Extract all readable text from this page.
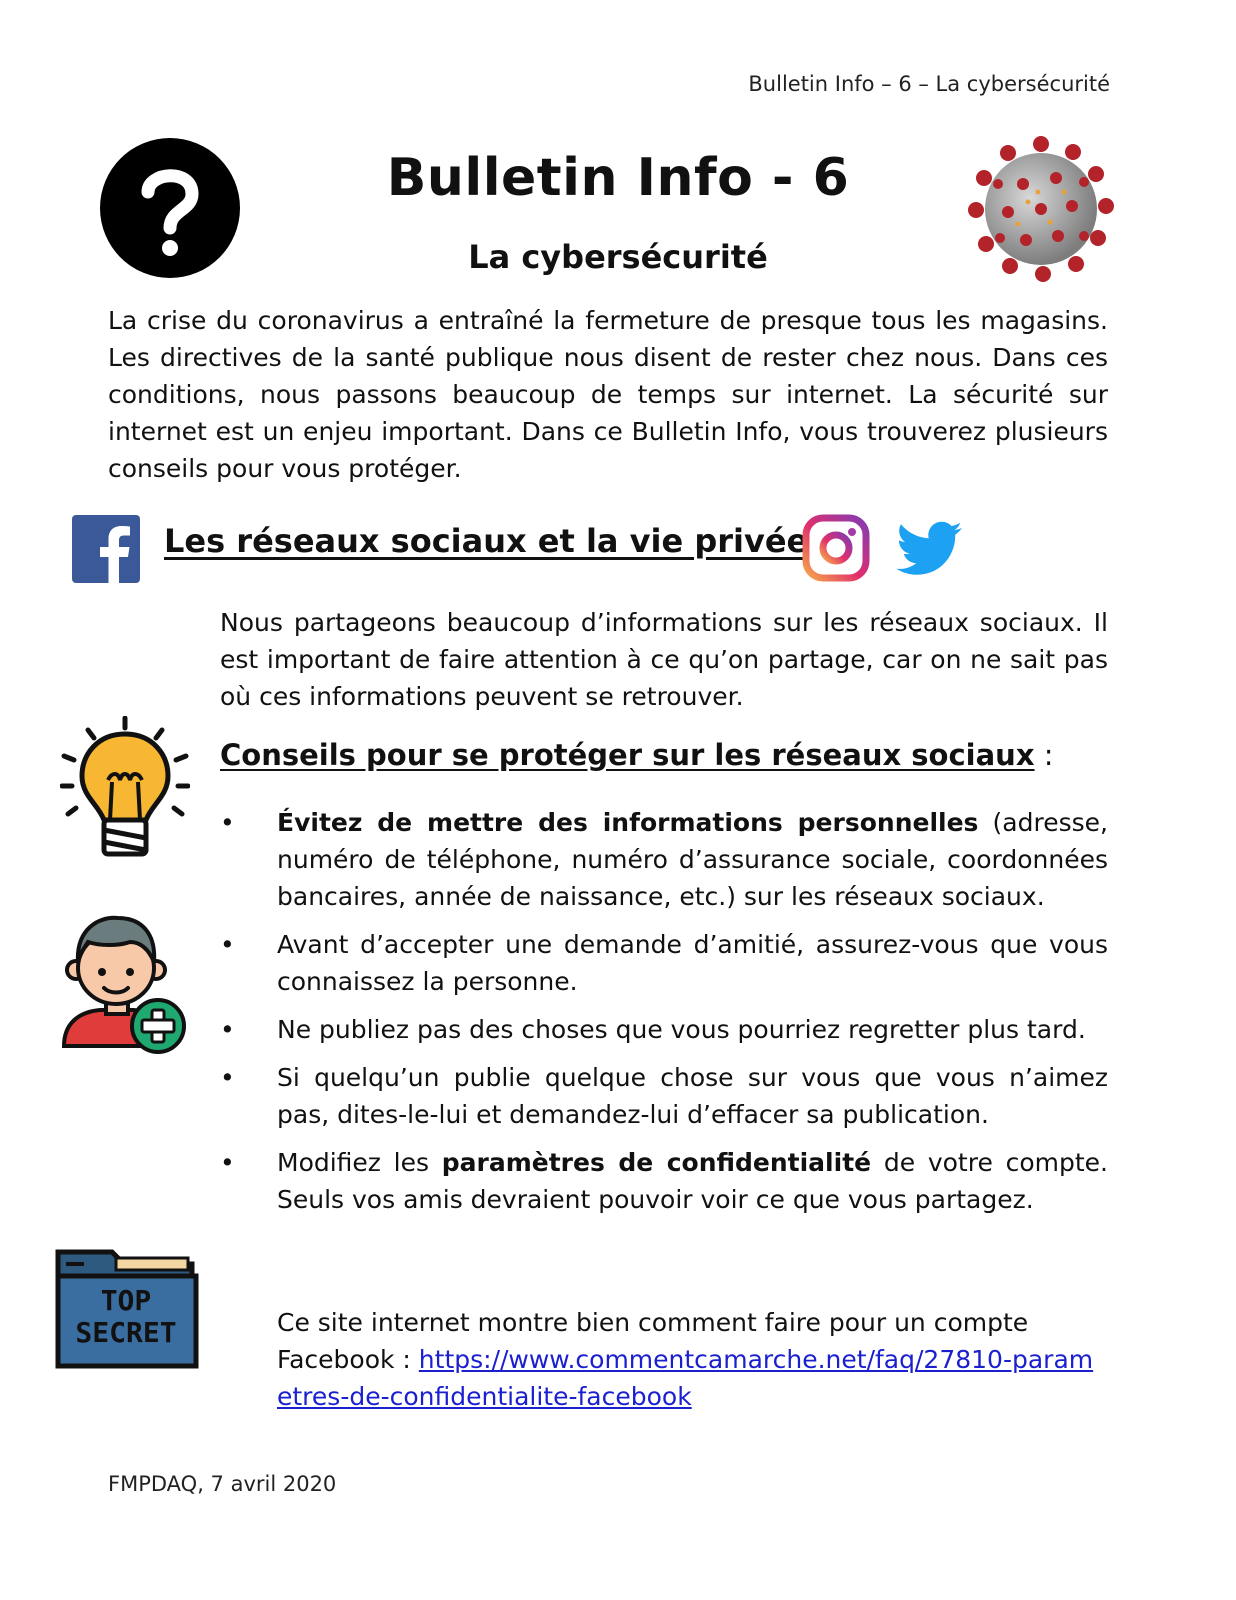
Bulletin Info – 6 – La cybersécurité
Bulletin Info - 6
La cybersécurité
La crise du coronavirus a entraîné la fermeture de presque tous les magasins. Les directives de la santé publique nous disent de rester chez nous. Dans ces conditions, nous passons beaucoup de temps sur internet. La sécurité sur internet est un enjeu important. Dans ce Bulletin Info, vous trouverez plusieurs conseils pour vous protéger.
Les réseaux sociaux et la vie privée
Nous partageons beaucoup d’informations sur les réseaux sociaux. Il est important de faire attention à ce qu’on partage, car on ne sait pas où ces informations peuvent se retrouver.
Conseils pour se protéger sur les réseaux sociaux :
• Évitez de mettre des informations personnelles (adresse, numéro de téléphone, numéro d’assurance sociale, coordonnées bancaires, année de naissance, etc.) sur les réseaux sociaux.
• Avant d’accepter une demande d’amitié, assurez-vous que vous connaissez la personne.
• Ne publiez pas des choses que vous pourriez regretter plus tard.
• Si quelqu’un publie quelque chose sur vous que vous n’aimez pas, dites-le-lui et demandez-lui d’effacer sa publication.
• Modifiez les paramètres de confidentialité de votre compte. Seuls vos amis devraient pouvoir voir ce que vous partagez.
TOP
SECRET	Ce site internet montre bien comment faire pour un compte Facebook : https://www.commentcamarche.net/faq/27810-parametres-de-confidentialite-facebook
FMPDAQ, 7 avril 2020
